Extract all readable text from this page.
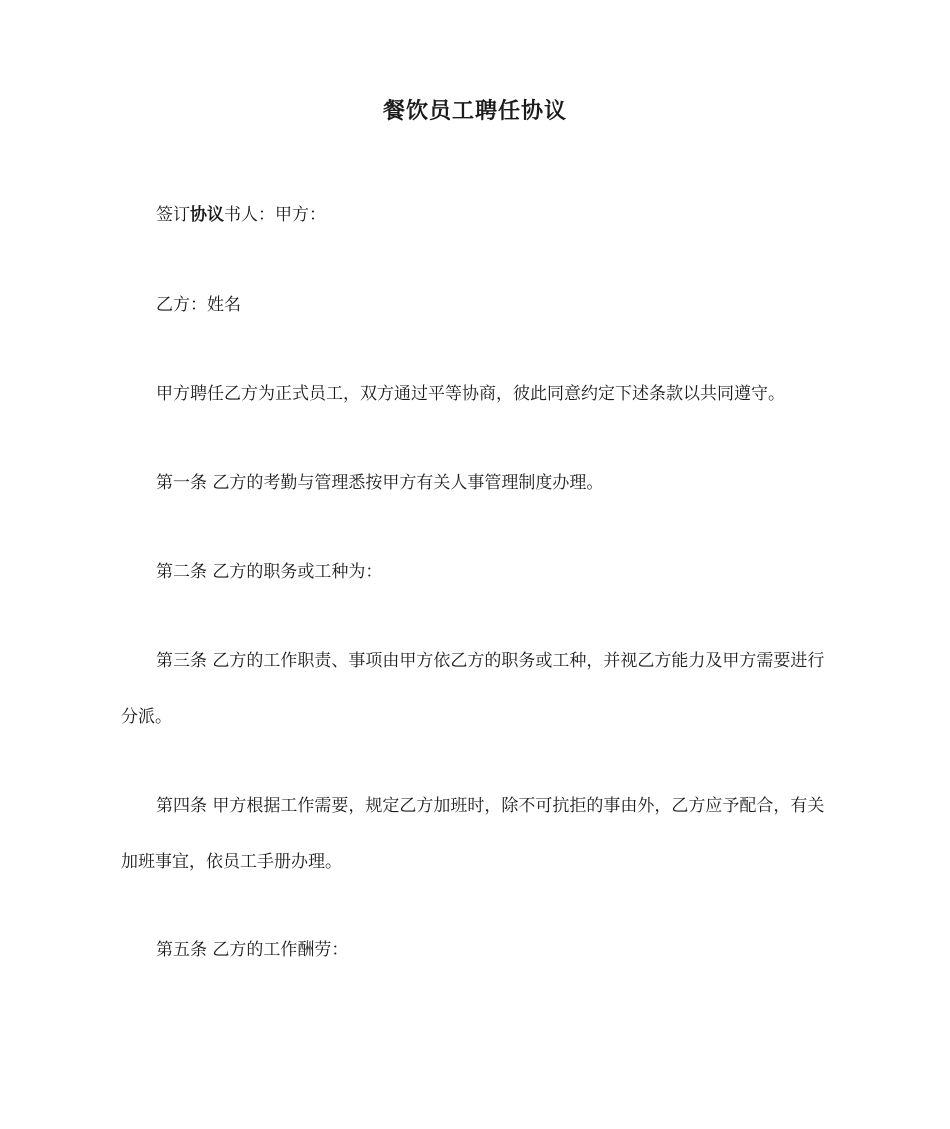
餐饮员工聘任协议

签订协议书人：甲方：

乙方：姓名

甲方聘任乙方为正式员工，双方通过平等协商，彼此同意约定下述条款以共同遵守。

第一条 乙方的考勤与管理悉按甲方有关人事管理制度办理。

第二条 乙方的职务或工种为：

第三条 乙方的工作职责、事项由甲方依乙方的职务或工种，并视乙方能力及甲方需要进行分派。

第四条 甲方根据工作需要，规定乙方加班时，除不可抗拒的事由外，乙方应予配合，有关加班事宜，依员工手册办理。

第五条 乙方的工作酬劳：
